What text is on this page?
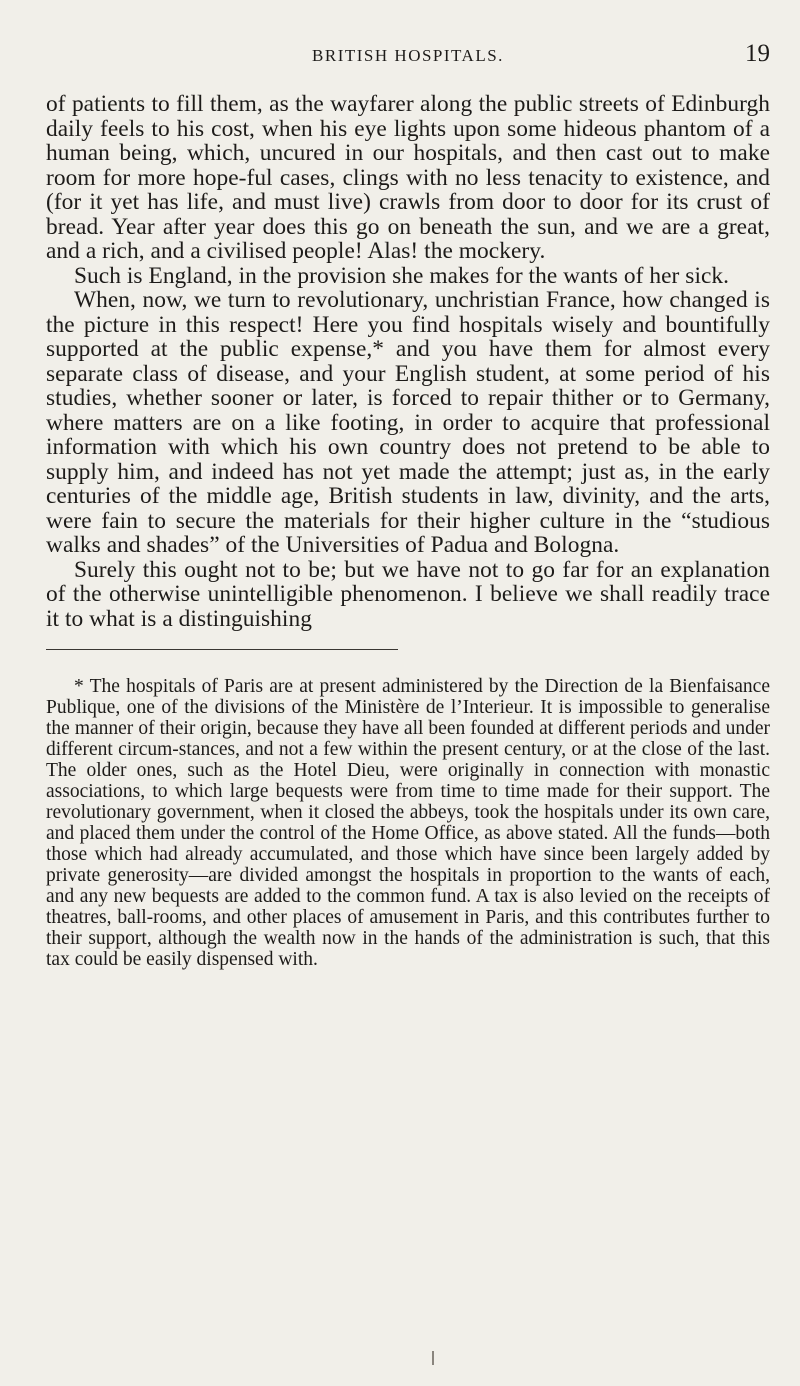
BRITISH HOSPITALS.	19

of patients to fill them, as the wayfarer along the public streets of Edinburgh daily feels to his cost, when his eye lights upon some hideous phantom of a human being, which, uncured in our hospitals, and then cast out to make room for more hope-ful cases, clings with no less tenacity to existence, and (for it yet has life, and must live) crawls from door to door for its crust of bread. Year after year does this go on beneath the sun, and we are a great, and a rich, and a civilised people! Alas! the mockery.

Such is England, in the provision she makes for the wants of her sick.

When, now, we turn to revolutionary, unchristian France, how changed is the picture in this respect! Here you find hospitals wisely and bountifully supported at the public expense,* and you have them for almost every separate class of disease, and your English student, at some period of his studies, whether sooner or later, is forced to repair thither or to Germany, where matters are on a like footing, in order to acquire that professional information with which his own country does not pretend to be able to supply him, and indeed has not yet made the attempt; just as, in the early centuries of the middle age, British students in law, divinity, and the arts, were fain to secure the materials for their higher culture in the “studious walks and shades” of the Universities of Padua and Bologna.

Surely this ought not to be; but we have not to go far for an explanation of the otherwise unintelligible phenomenon. I believe we shall readily trace it to what is a distinguishing

* The hospitals of Paris are at present administered by the Direction de la Bienfaisance Publique, one of the divisions of the Ministère de l’Interieur. It is impossible to generalise the manner of their origin, because they have all been founded at different periods and under different circum-stances, and not a few within the present century, or at the close of the last. The older ones, such as the Hotel Dieu, were originally in connection with monastic associations, to which large bequests were from time to time made for their support. The revolutionary government, when it closed the abbeys, took the hospitals under its own care, and placed them under the control of the Home Office, as above stated. All the funds—both those which had already accumulated, and those which have since been largely added by private generosity—are divided amongst the hospitals in proportion to the wants of each, and any new bequests are added to the common fund. A tax is also levied on the receipts of theatres, ball-rooms, and other places of amusement in Paris, and this contributes further to their support, although the wealth now in the hands of the administration is such, that this tax could be easily dispensed with.
